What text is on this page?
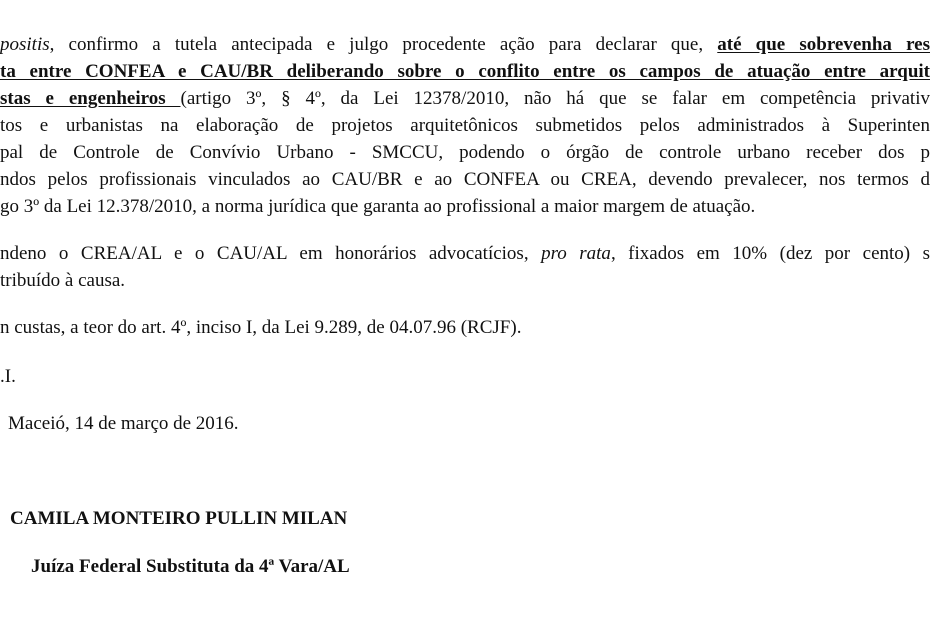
positis, confirmo a tutela antecipada e julgo procedente ação para declarar que, até que sobrevenha res
ta entre CONFEA e CAU/BR deliberando sobre o conflito entre os campos de atuação entre arquit
stas e engenheiros (artigo 3º, § 4º, da Lei 12378/2010, não há que se falar em competência privativ
tos e urbanistas na elaboração de projetos arquitetônicos submetidos pelos administrados à Superinten
pal de Controle de Convívio Urbano - SMCCU, podendo o órgão de controle urbano receber dos p
ndos pelos profissionais vinculados ao CAU/BR e ao CONFEA ou CREA, devendo prevalecer, nos termos d
go 3º da Lei 12.378/2010, a norma jurídica que garanta ao profissional a maior margem de atuação.
ndeno o CREA/AL e o CAU/AL em honorários advocatícios, pro rata, fixados em 10% (dez por cento) s
tribuído à causa.
n custas, a teor do art. 4º, inciso I, da Lei 9.289, de 04.07.96 (RCJF).
.I.
Maceió, 14 de março de 2016.
CAMILA MONTEIRO PULLIN MILAN
Juíza Federal Substituta da 4ª Vara/AL
